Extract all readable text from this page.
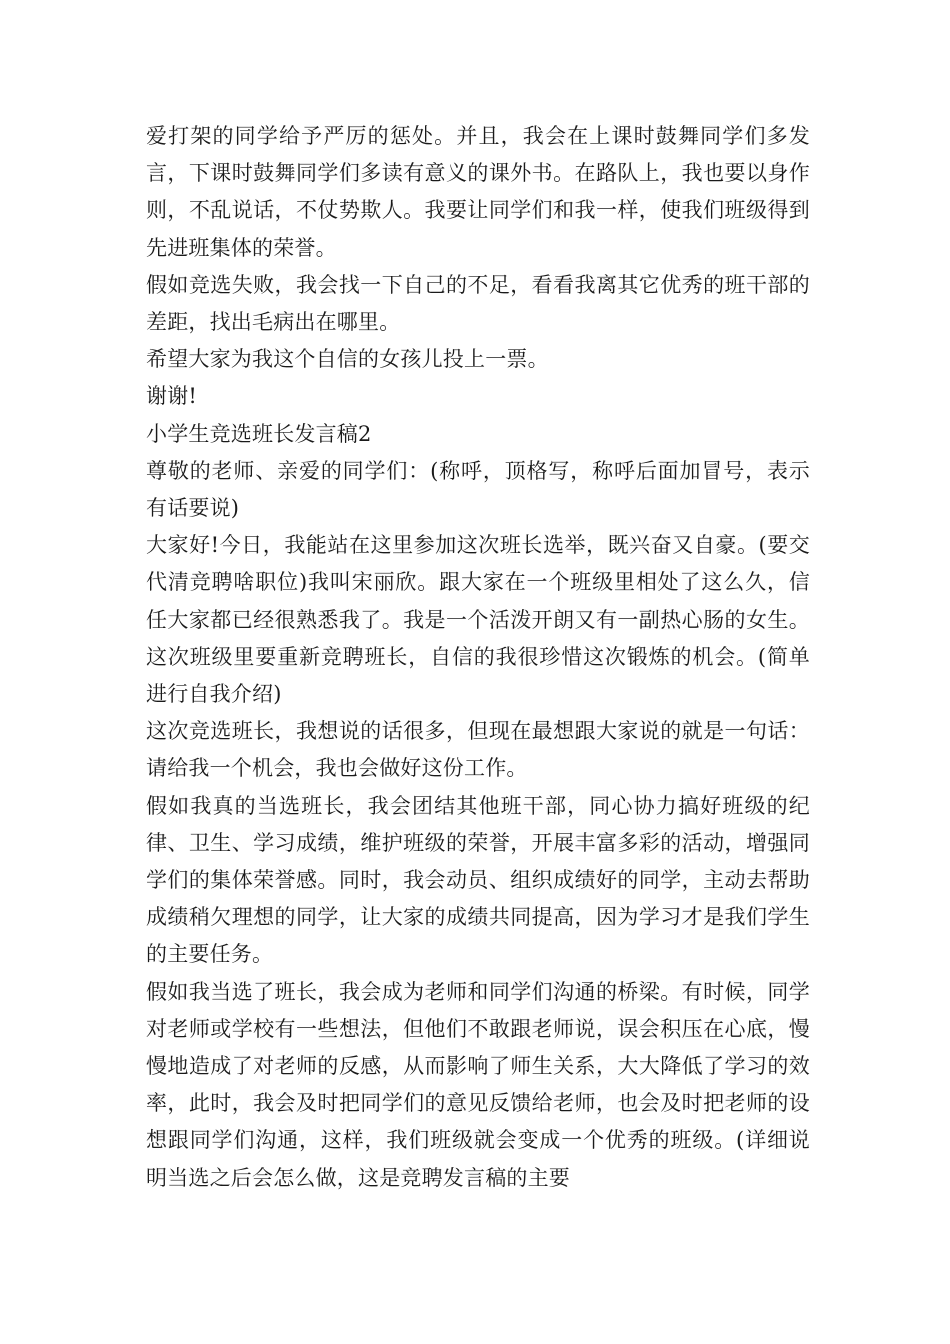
爱打架的同学给予严厉的惩处。并且，我会在上课时鼓舞同学们多发言，下课时鼓舞同学们多读有意义的课外书。在路队上，我也要以身作则，不乱说话，不仗势欺人。我要让同学们和我一样，使我们班级得到先进班集体的荣誉。

假如竞选失败，我会找一下自己的不足，看看我离其它优秀的班干部的差距，找出毛病出在哪里。

希望大家为我这个自信的女孩儿投上一票。

谢谢!

小学生竞选班长发言稿2

尊敬的老师、亲爱的同学们：(称呼，顶格写，称呼后面加冒号，表示有话要说)

大家好!今日，我能站在这里参加这次班长选举，既兴奋又自豪。(要交代清竞聘啥职位)我叫宋丽欣。跟大家在一个班级里相处了这么久，信任大家都已经很熟悉我了。我是一个活泼开朗又有一副热心肠的女生。这次班级里要重新竞聘班长，自信的我很珍惜这次锻炼的机会。(简单进行自我介绍)

这次竞选班长，我想说的话很多，但现在最想跟大家说的就是一句话：请给我一个机会，我也会做好这份工作。

假如我真的当选班长，我会团结其他班干部，同心协力搞好班级的纪律、卫生、学习成绩，维护班级的荣誉，开展丰富多彩的活动，增强同学们的集体荣誉感。同时，我会动员、组织成绩好的同学，主动去帮助成绩稍欠理想的同学，让大家的成绩共同提高，因为学习才是我们学生的主要任务。

假如我当选了班长，我会成为老师和同学们沟通的桥梁。有时候，同学对老师或学校有一些想法，但他们不敢跟老师说，误会积压在心底，慢慢地造成了对老师的反感，从而影响了师生关系，大大降低了学习的效率，此时，我会及时把同学们的意见反馈给老师，也会及时把老师的设想跟同学们沟通，这样，我们班级就会变成一个优秀的班级。(详细说明当选之后会怎么做，这是竞聘发言稿的主要
